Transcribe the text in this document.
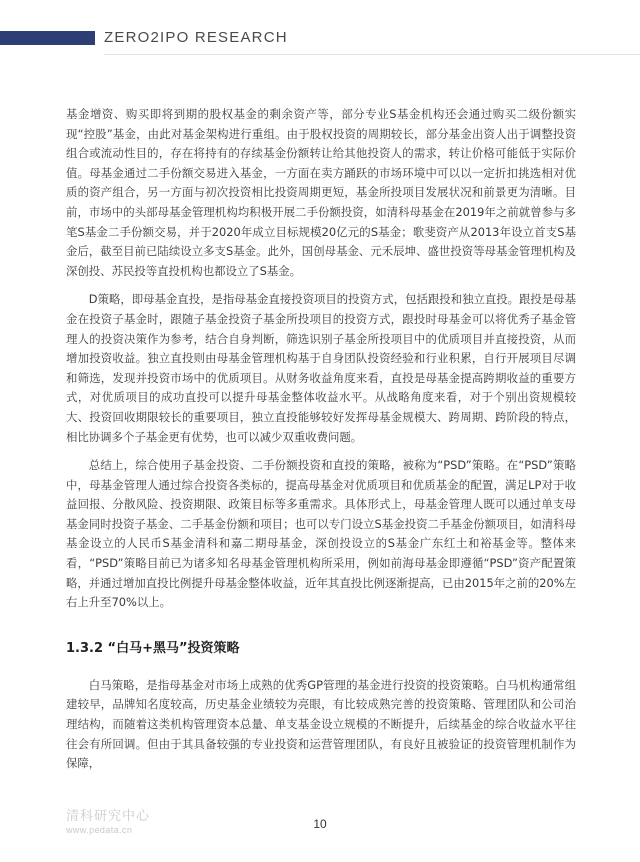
ZERO2IPO RESEARCH

基金增资、购买即将到期的股权基金的剩余资产等，部分专业S基金机构还会通过购买二级份额实现“控股”基金，由此对基金架构进行重组。由于股权投资的周期较长，部分基金出资人出于调整投资组合或流动性目的，存在将持有的存续基金份额转让给其他投资人的需求，转让价格可能低于实际价值。母基金通过二手份额交易进入基金，一方面在卖方踊跃的市场环境中可以以一定折扣挑选相对优质的资产组合，另一方面与初次投资相比投资周期更短，基金所投项目发展状况和前景更为清晰。目前，市场中的头部母基金管理机构均积极开展二手份额投资，如清科母基金在2019年之前就曾参与多笔S基金二手份额交易，并于2020年成立目标规模20亿元的S基金；歌斐资产从2013年设立首支S基金后，截至目前已陆续设立多支S基金。此外，国创母基金、元禾辰坤、盛世投资等母基金管理机构及深创投、苏民投等直投机构也都设立了S基金。

D策略，即母基金直投，是指母基金直接投资项目的投资方式，包括跟投和独立直投。跟投是母基金在投资子基金时，跟随子基金投资子基金所投项目的投资方式，跟投时母基金可以将优秀子基金管理人的投资决策作为参考，结合自身判断，筛选识别子基金所投项目中的优质项目并直接投资，从而增加投资收益。独立直投则由母基金管理机构基于自身团队投资经验和行业积累，自行开展项目尽调和筛选，发现并投资市场中的优质项目。从财务收益角度来看，直投是母基金提高跨期收益的重要方式，对优质项目的成功直投可以提升母基金整体收益水平。从战略角度来看，对于个别出资规模较大、投资回收期限较长的重要项目，独立直投能够较好发挥母基金规模大、跨周期、跨阶段的特点，相比协调多个子基金更有优势，也可以减少双重收费问题。

总结上，综合使用子基金投资、二手份额投资和直投的策略，被称为“PSD”策略。在“PSD”策略中，母基金管理人通过综合投资各类标的，提高母基金对优质项目和优质基金的配置，满足LP对于收益回报、分散风险、投资期限、政策目标等多重需求。具体形式上，母基金管理人既可以通过单支母基金同时投资子基金、二手基金份额和项目；也可以专门设立S基金投资二手基金份额项目，如清科母基金设立的人民币S基金清科和嘉二期母基金，深创投设立的S基金广东红土和裕基金等。整体来看，“PSD”策略目前已为诸多知名母基金管理机构所采用，例如前海母基金即遵循“PSD”资产配置策略，并通过增加直投比例提升母基金整体收益，近年其直投比例逐渐提高，已由2015年之前的20%左右上升至70%以上。

1.3.2 “白马+黑马”投资策略

白马策略，是指母基金对市场上成熟的优秀GP管理的基金进行投资的投资策略。白马机构通常组建较早，品牌知名度较高，历史基金业绩较为亮眼，有比较成熟完善的投资策略、管理团队和公司治理结构，而随着这类机构管理资本总量、单支基金设立规模的不断提升，后续基金的综合收益水平往往会有所回调。但由于其具备较强的专业投资和运营管理团队，有良好且被验证的投资管理机制作为保障，

清科研究中心
www.pedata.cn	10
